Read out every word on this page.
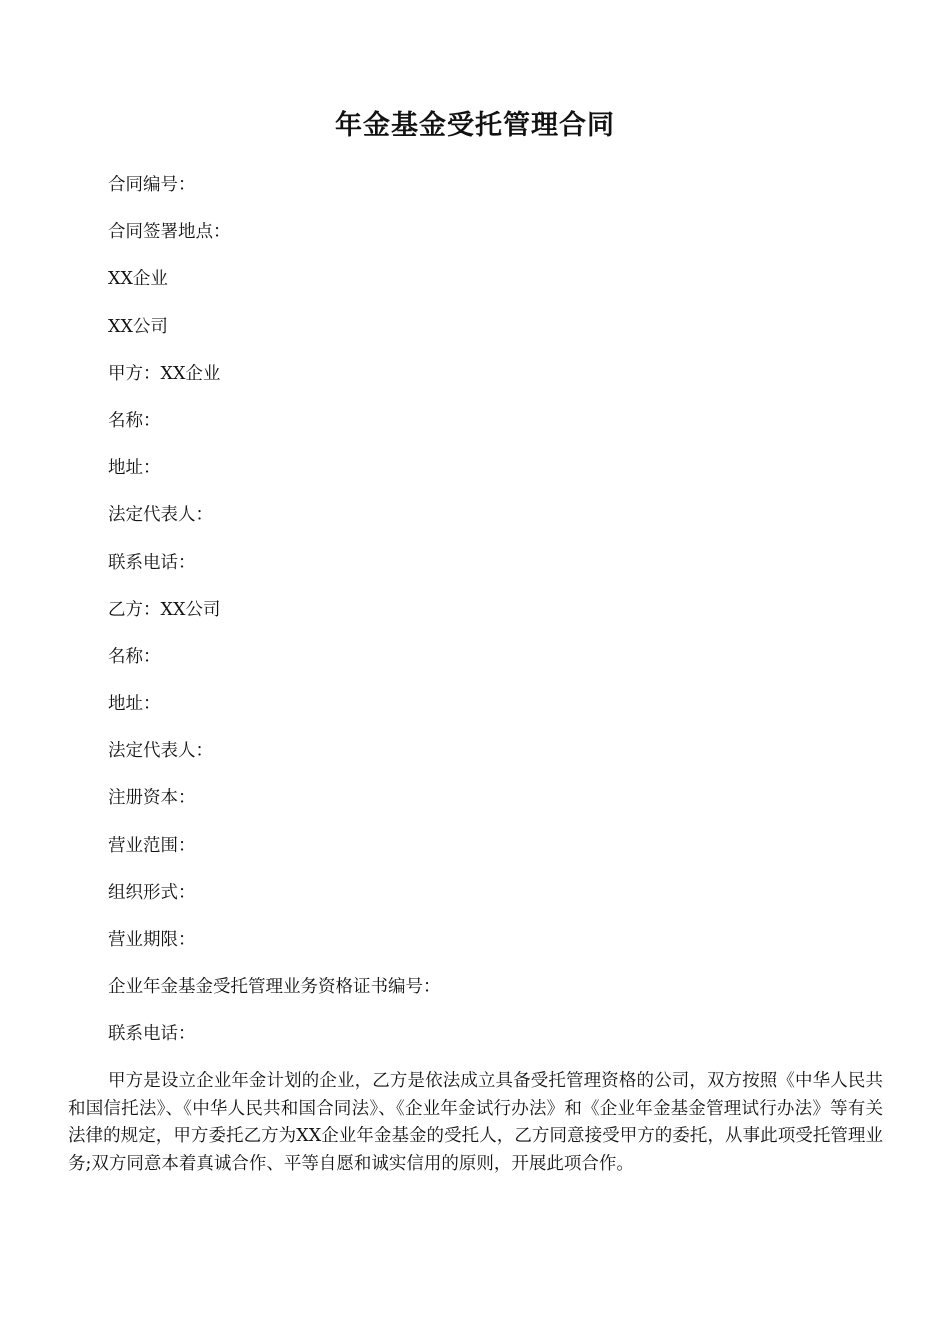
年金基金受托管理合同
合同编号：
合同签署地点：
XX企业
XX公司
甲方：XX企业
名称：
地址：
法定代表人：
联系电话：
乙方：XX公司
名称：
地址：
法定代表人：
注册资本：
营业范围：
组织形式：
营业期限：
企业年金基金受托管理业务资格证书编号：
联系电话：

甲方是设立企业年金计划的企业，乙方是依法成立具备受托管理资格的公司，双方按照《中华人民共和国信托法》、《中华人民共和国合同法》、《企业年金试行办法》和《企业年金基金管理试行办法》等有关法律的规定，甲方委托乙方为XX企业年金基金的受托人，乙方同意接受甲方的委托，从事此项受托管理业务;双方同意本着真诚合作、平等自愿和诚实信用的原则，开展此项合作。
